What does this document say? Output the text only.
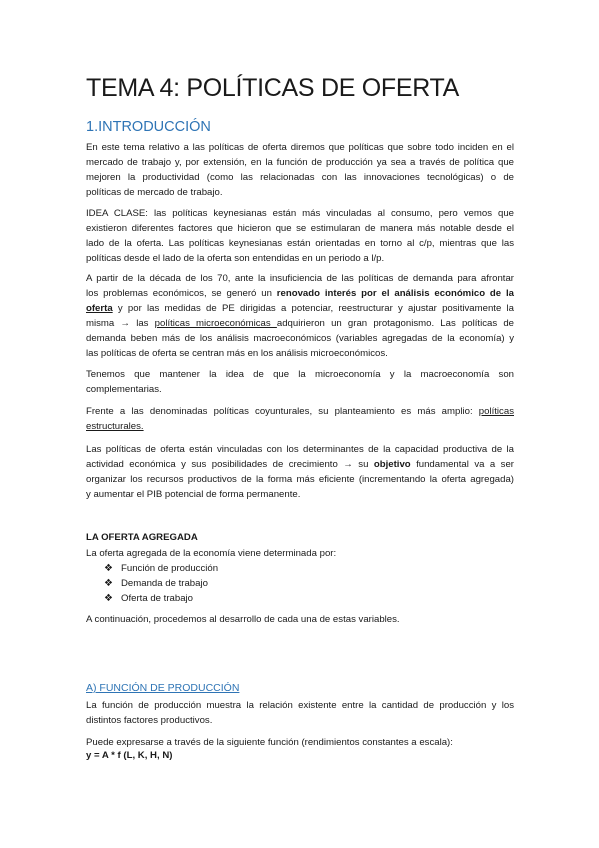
TEMA 4: POLÍTICAS DE OFERTA
1.INTRODUCCIÓN

En este tema relativo a las políticas de oferta diremos que políticas que sobre todo inciden en el
mercado de trabajo y, por extensión, en la función de producción ya sea a través de política que
mejoren la productividad (como las relacionadas con las innovaciones tecnológicas) o de
políticas de mercado de trabajo.

IDEA CLASE: las políticas keynesianas están más vinculadas al consumo, pero vemos que
existieron diferentes factores que hicieron que se estimularan de manera más notable desde el
lado de la oferta. Las políticas keynesianas están orientadas en torno al c/p, mientras que las
políticas desde el lado de la oferta son entendidas en un periodo a l/p.

A partir de la década de los 70, ante la insuficiencia de las políticas de demanda para afrontar
los problemas económicos, se generó un renovado interés por el análisis económico de la
oferta y por las medidas de PE dirigidas a potenciar, reestructurar y ajustar positivamente la
misma → las políticas microeconómicas adquirieron un gran protagonismo. Las políticas de
demanda beben más de los análisis macroeconómicos (variables agregadas de la economía) y
las políticas de oferta se centran más en los análisis microeconómicos.

Tenemos que mantener la idea de que la microeconomía y la macroeconomía son
complementarias.

Frente a las denominadas políticas coyunturales, su planteamiento es más amplio: políticas
estructurales.

Las políticas de oferta están vinculadas con los determinantes de la capacidad productiva de la
actividad económica y sus posibilidades de crecimiento → su objetivo fundamental va a ser
organizar los recursos productivos de la forma más eficiente (incrementando la oferta agregada)
y aumentar el PIB potencial de forma permanente.

LA OFERTA AGREGADA

La oferta agregada de la economía viene determinada por:

❖ Función de producción
❖ Demanda de trabajo
❖ Oferta de trabajo

A continuación, procedemos al desarrollo de cada una de estas variables.

A) FUNCIÓN DE PRODUCCIÓN

La función de producción muestra la relación existente entre la cantidad de producción y los
distintos factores productivos.

Puede expresarse a través de la siguiente función (rendimientos constantes a escala):

y = A * f (L, K, H, N)
